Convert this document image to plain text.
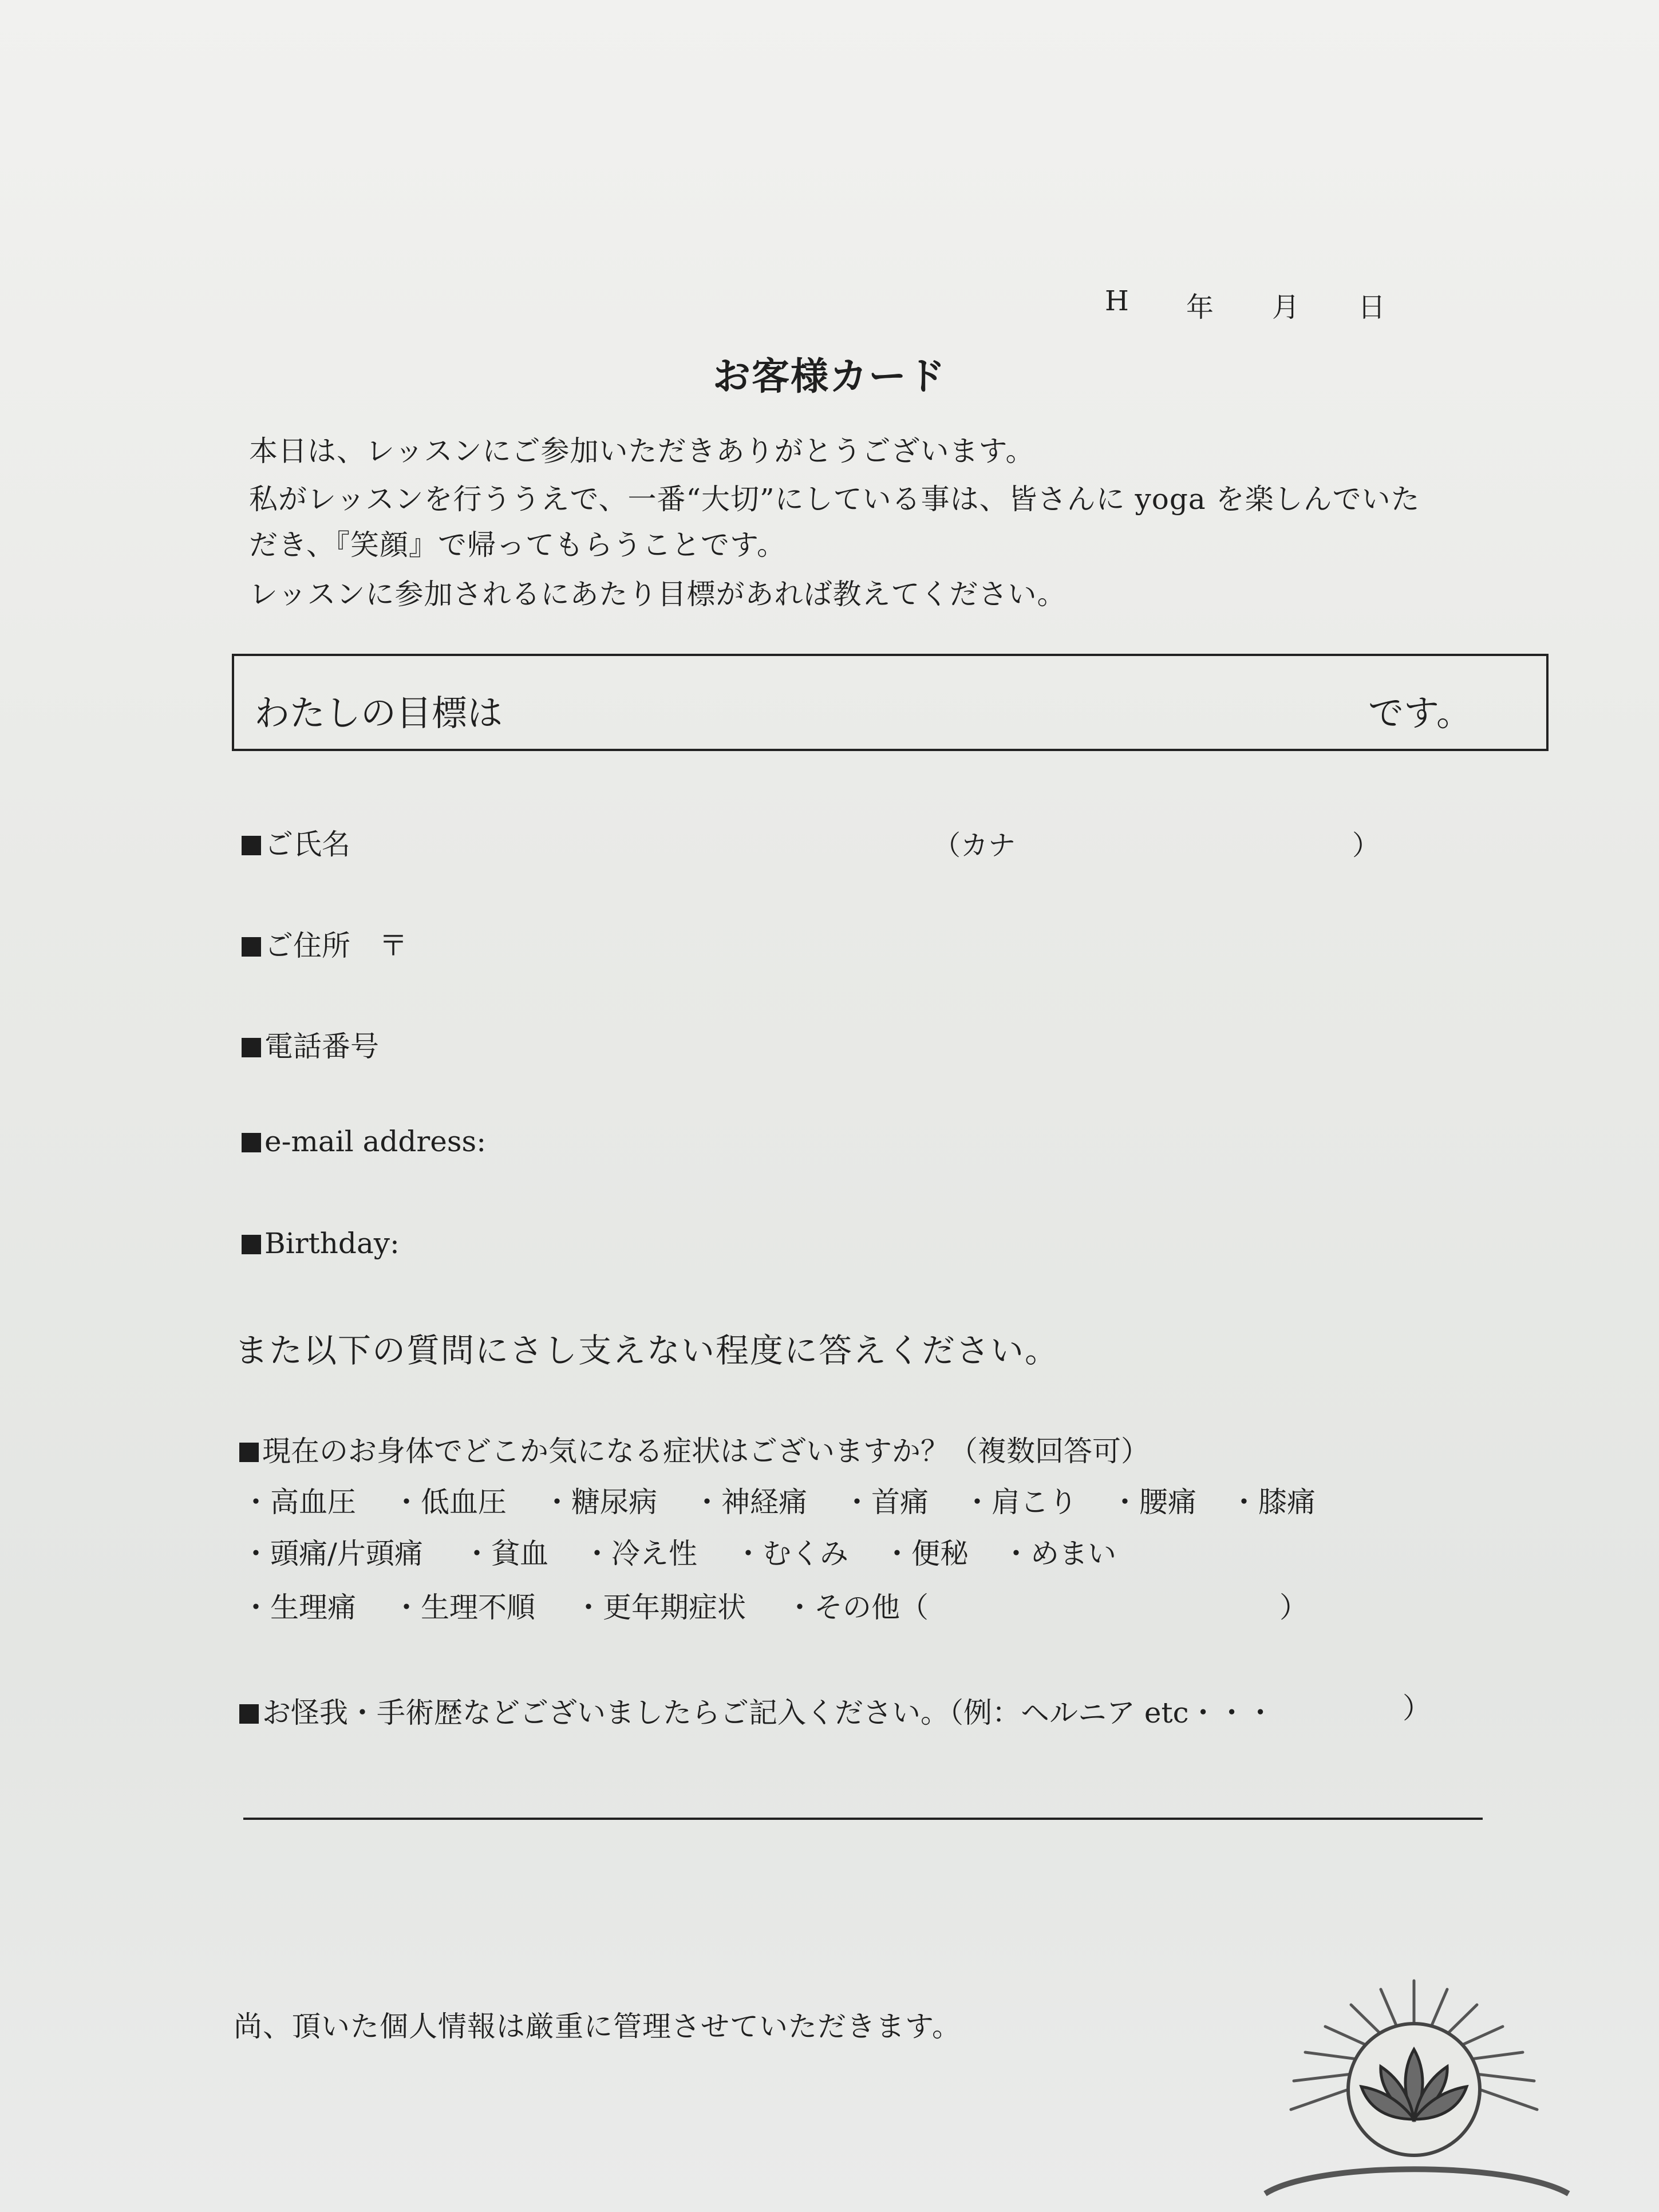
H 年 月 日
お客様カード
本日は、レッスンにご参加いただきありがとうございます。
私がレッスンを行ううえで、一番“大切”にしている事は、皆さんに yoga を楽しんでいた
だき、『笑顔』で帰ってもらうことです。
レッスンに参加されるにあたり目標があれば教えてください。
わたしの目標は	です。
ご氏名	（カナ	）
ご住所　〒
電話番号
e-mail address:
Birthday:
また以下の質問にさし支えない程度に答えください。
現在のお身体でどこか気になる症状はございますか？（複数回答可）
・高血圧 ・低血圧 ・糖尿病 ・神経痛 ・首痛 ・肩こり ・腰痛 ・膝痛
・頭痛/片頭痛 ・貧血 ・冷え性 ・むくみ ・便秘 ・めまい
・生理痛 ・生理不順 ・更年期症状 ・その他（	）
お怪我・手術歴などございましたらご記入ください。（例：ヘルニア etc・・・	）
尚、頂いた個人情報は厳重に管理させていただきます。
